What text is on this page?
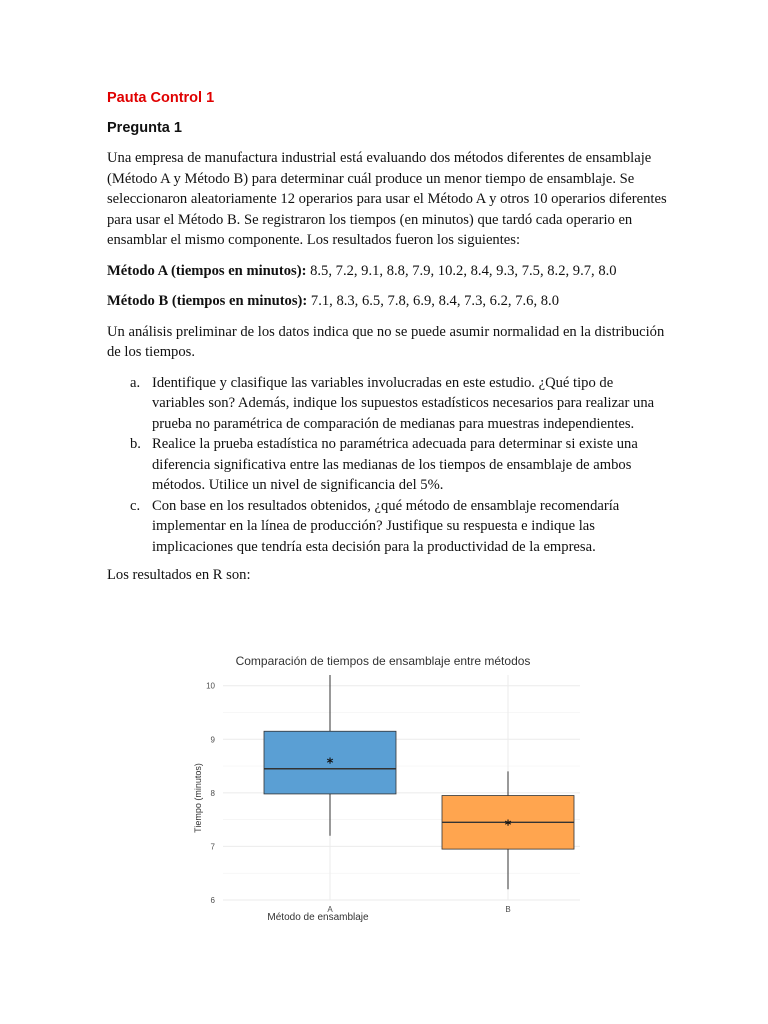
Pauta Control 1
Pregunta 1

Una empresa de manufactura industrial está evaluando dos métodos diferentes de ensamblaje (Método A y Método B) para determinar cuál produce un menor tiempo de ensamblaje. Se seleccionaron aleatoriamente 12 operarios para usar el Método A y otros 10 operarios diferentes para usar el Método B. Se registraron los tiempos (en minutos) que tardó cada operario en ensamblar el mismo componente. Los resultados fueron los siguientes:

Método A (tiempos en minutos): 8.5, 7.2, 9.1, 8.8, 7.9, 10.2, 8.4, 9.3, 7.5, 8.2, 9.7, 8.0
Método B (tiempos en minutos): 7.1, 8.3, 6.5, 7.8, 6.9, 8.4, 7.3, 6.2, 7.6, 8.0

Un análisis preliminar de los datos indica que no se puede asumir normalidad en la distribución de los tiempos.

a. Identifique y clasifique las variables involucradas en este estudio. ¿Qué tipo de variables son? Además, indique los supuestos estadísticos necesarios para realizar una prueba no paramétrica de comparación de medianas para muestras independientes.
b. Realice la prueba estadística no paramétrica adecuada para determinar si existe una diferencia significativa entre las medianas de los tiempos de ensamblaje de ambos métodos. Utilice un nivel de significancia del 5%.
c. Con base en los resultados obtenidos, ¿qué método de ensamblaje recomendaría implementar en la línea de producción? Justifique su respuesta e indique las implicaciones que tendría esta decisión para la productividad de la empresa.

Los resultados en R son:

Comparación de tiempos de ensamblaje entre métodos
Método de ensamblaje
Tiempo (minutos)
6
7
8
9
10
*
A
*
B
